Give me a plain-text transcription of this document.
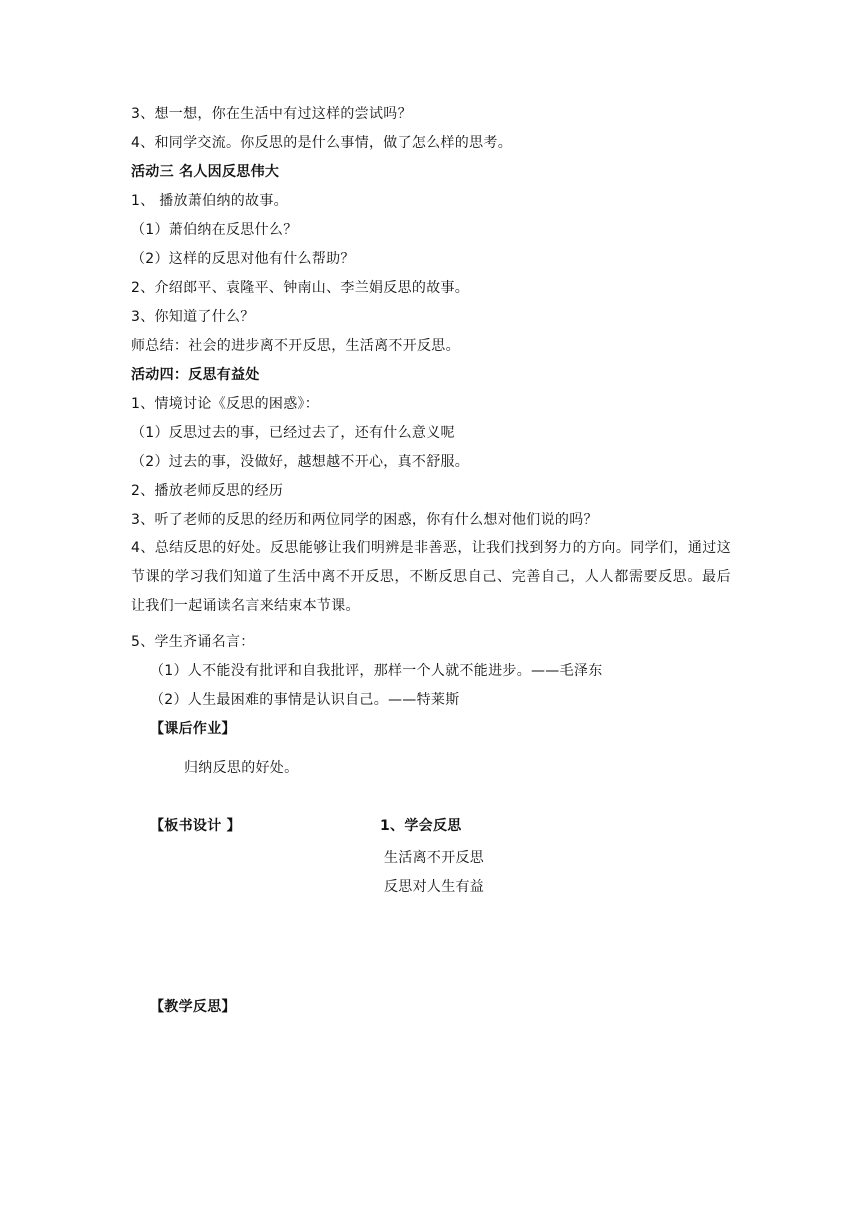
3、想一想，你在生活中有过这样的尝试吗？
4、和同学交流。你反思的是什么事情，做了怎么样的思考。
活动三 名人因反思伟大
1、 播放萧伯纳的故事。
（1）萧伯纳在反思什么？
（2）这样的反思对他有什么帮助？
2、介绍郎平、袁隆平、钟南山、李兰娟反思的故事。
3、你知道了什么？
师总结：社会的进步离不开反思，生活离不开反思。
活动四：反思有益处
1、情境讨论《反思的困惑》：
（1）反思过去的事，已经过去了，还有什么意义呢
（2）过去的事，没做好，越想越不开心，真不舒服。
2、播放老师反思的经历
3、听了老师的反思的经历和两位同学的困惑，你有什么想对他们说的吗？
4、总结反思的好处。反思能够让我们明辨是非善恶，让我们找到努力的方向。同学们，通过这节课的学习我们知道了生活中离不开反思，不断反思自己、完善自己，人人都需要反思。最后让我们一起诵读名言来结束本节课。
5、学生齐诵名言：
（1）人不能没有批评和自我批评，那样一个人就不能进步。——毛泽东
（2）人生最困难的事情是认识自己。——特莱斯
【课后作业】
归纳反思的好处。
【板书设计 】	1、学会反思
生活离不开反思
反思对人生有益
【教学反思】
